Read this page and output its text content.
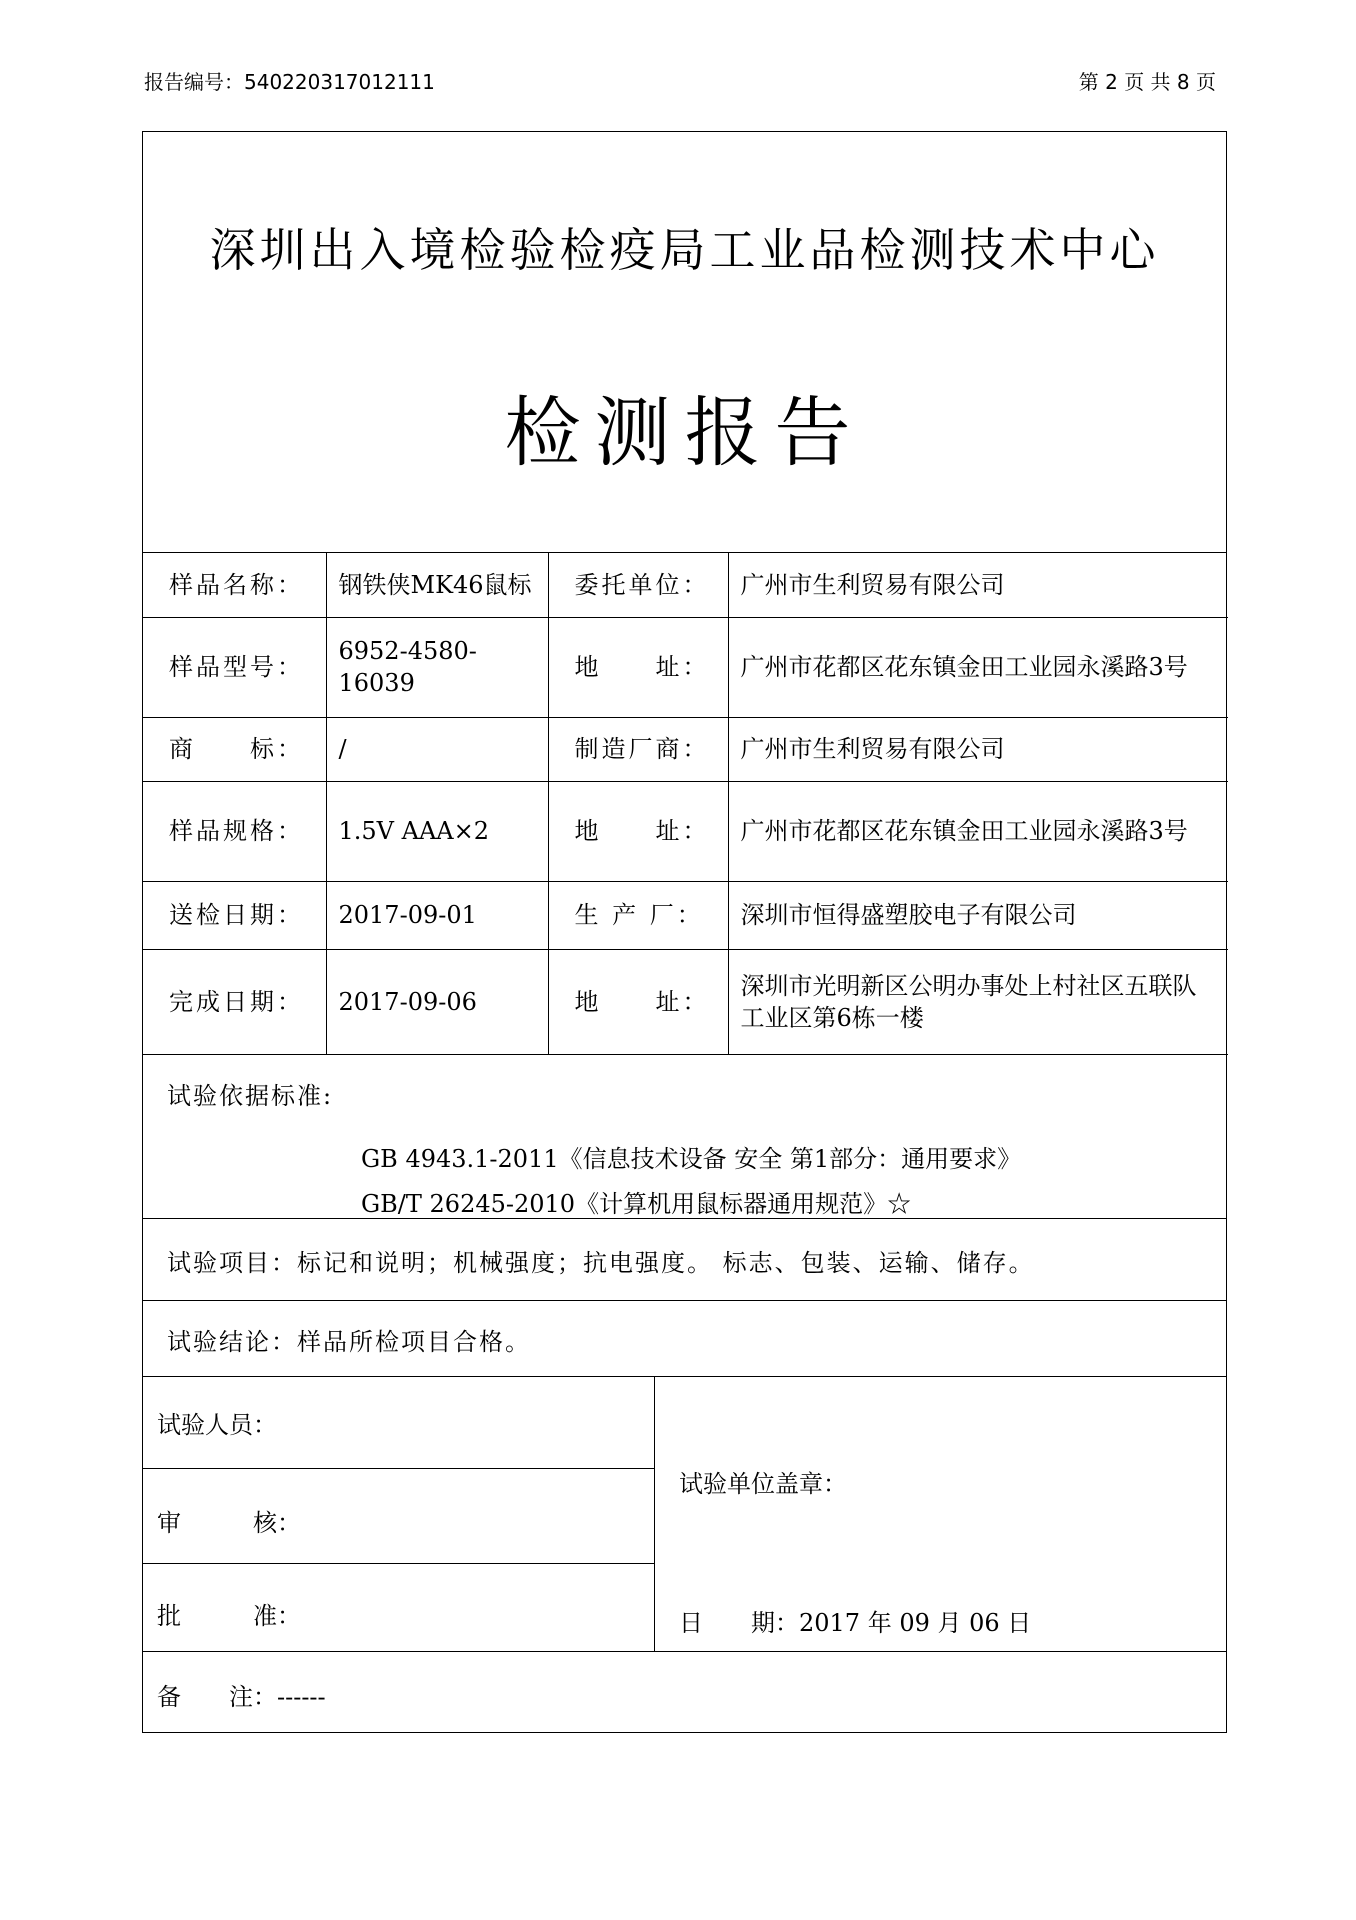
报告编号：540220317012111	第 2 页 共 8 页
深圳出入境检验检疫局工业品检测技术中心
检测报告
样品名称：	钢铁侠MK46鼠标	委托单位：	广州市生利贸易有限公司
样品型号：	6952-4580-16039	地　　址：	广州市花都区花东镇金田工业园永溪路3号
商　　标：	/	制造厂商：	广州市生利贸易有限公司
样品规格：	1.5V AAA×2	地　　址：	广州市花都区花东镇金田工业园永溪路3号
送检日期：	2017-09-01	生 产 厂：	深圳市恒得盛塑胶电子有限公司
完成日期：	2017-09-06	地　　址：	深圳市光明新区公明办事处上村社区五联队工业区第6栋一楼
试验依据标准:
GB 4943.1-2011《信息技术设备 安全 第1部分：通用要求》
GB/T 26245-2010《计算机用鼠标器通用规范》☆
试验项目：标记和说明；机械强度；抗电强度。 标志、包装、运输、储存。
试验结论：样品所检项目合格。
试验人员：
审　　　核：
批　　　准：
试验单位盖章：
日　　期：2017 年 09 月 06 日
备　　注：------
